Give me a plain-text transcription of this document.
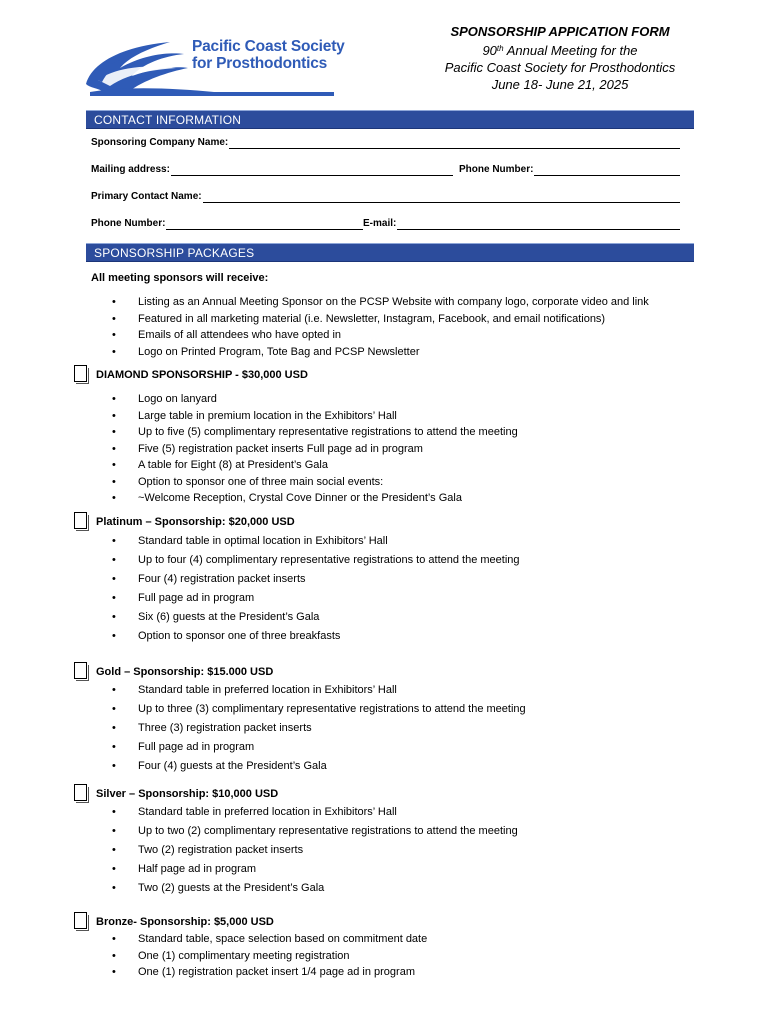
Pacific Coast Society
for Prosthodontics
SPONSORSHIP APPICATION FORM
90th Annual Meeting for the
Pacific Coast Society for Prosthodontics
June 18- June 21, 2025
CONTACT INFORMATION
Sponsoring Company Name:
Mailing address:	Phone Number:
Primary Contact Name:
Phone Number:	E-mail:
SPONSORSHIP PACKAGES
All meeting sponsors will receive:
• Listing as an Annual Meeting Sponsor on the PCSP Website with company logo, corporate video and link
• Featured in all marketing material (i.e. Newsletter, Instagram, Facebook, and email notifications)
• Emails of all attendees who have opted in
• Logo on Printed Program, Tote Bag and PCSP Newsletter
DIAMOND SPONSORSHIP - $30,000 USD
• Logo on lanyard
• Large table in premium location in the Exhibitors’ Hall
• Up to five (5) complimentary representative registrations to attend the meeting
• Five (5) registration packet inserts Full page ad in program
• A table for Eight (8) at President’s Gala
• Option to sponsor one of three main social events:
• ~Welcome Reception, Crystal Cove Dinner or the President’s Gala
Platinum – Sponsorship: $20,000 USD
• Standard table in optimal location in Exhibitors’ Hall
• Up to four (4) complimentary representative registrations to attend the meeting
• Four (4) registration packet inserts
• Full page ad in program
• Six (6) guests at the President’s Gala
• Option to sponsor one of three breakfasts
Gold – Sponsorship: $15.000 USD
• Standard table in preferred location in Exhibitors’ Hall
• Up to three (3) complimentary representative registrations to attend the meeting
• Three (3) registration packet inserts
• Full page ad in program
• Four (4) guests at the President’s Gala
Silver – Sponsorship: $10,000 USD
• Standard table in preferred location in Exhibitors’ Hall
• Up to two (2) complimentary representative registrations to attend the meeting
• Two (2) registration packet inserts
• Half page ad in program
• Two (2) guests at the President’s Gala
Bronze- Sponsorship: $5,000 USD
• Standard table, space selection based on commitment date
• One (1) complimentary meeting registration
• One (1) registration packet insert 1/4 page ad in program
